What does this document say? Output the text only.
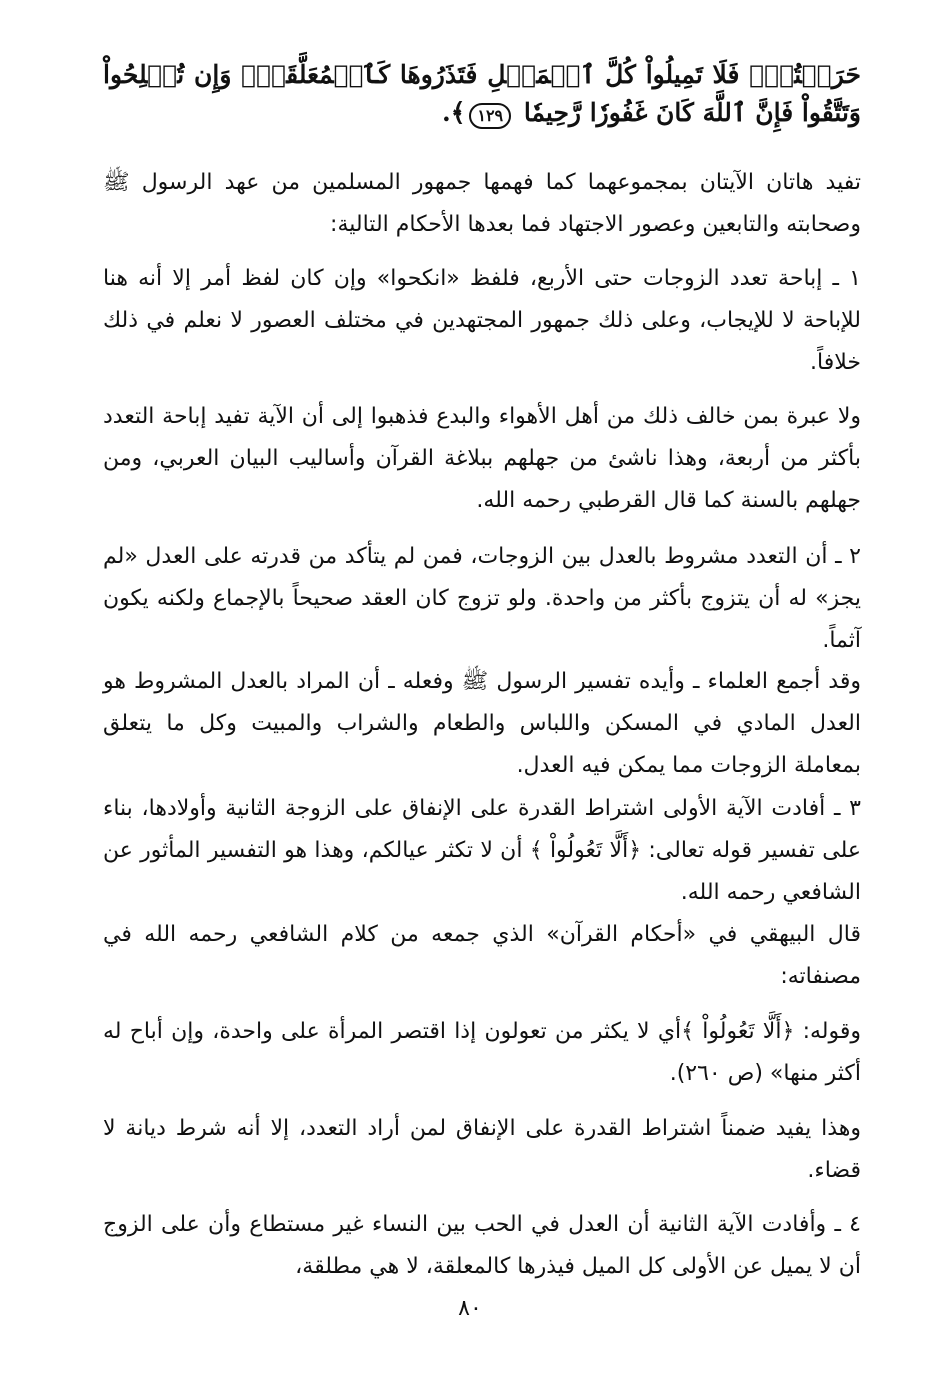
حَرَصۡتُمۡۖ فَلَا تَمِيلُواْ كُلَّ ٱلۡمَيۡلِ فَتَذَرُوهَا كَٱلۡمُعَلَّقَةِۚ وَإِن تُصۡلِحُواْ وَتَتَّقُواْ فَإِنَّ ٱللَّهَ كَانَ غَفُورٗا رَّحِيمٗا ١٢٩﴾.

تفيد هاتان الآيتان بمجموعهما كما فهمها جمهور المسلمين من عهد الرسول ﷺ وصحابته والتابعين وعصور الاجتهاد فما بعدها الأحكام التالية:

١ ـ إباحة تعدد الزوجات حتى الأربع، فلفظ «انكحوا» وإن كان لفظ أمر إلا أنه هنا للإباحة لا للإيجاب، وعلى ذلك جمهور المجتهدين في مختلف العصور لا نعلم في ذلك خلافاً.

ولا عبرة بمن خالف ذلك من أهل الأهواء والبدع فذهبوا إلى أن الآية تفيد إباحة التعدد بأكثر من أربعة، وهذا ناشئ من جهلهم ببلاغة القرآن وأساليب البيان العربي، ومن جهلهم بالسنة كما قال القرطبي رحمه الله.

٢ ـ أن التعدد مشروط بالعدل بين الزوجات، فمن لم يتأكد من قدرته على العدل «لم يجز» له أن يتزوج بأكثر من واحدة. ولو تزوج كان العقد صحيحاً بالإجماع ولكنه يكون آثماً.

وقد أجمع العلماء ـ وأيده تفسير الرسول ﷺ وفعله ـ أن المراد بالعدل المشروط هو العدل المادي في المسكن واللباس والطعام والشراب والمبيت وكل ما يتعلق بمعاملة الزوجات مما يمكن فيه العدل.

٣ ـ أفادت الآية الأولى اشتراط القدرة على الإنفاق على الزوجة الثانية وأولادها، بناء على تفسير قوله تعالى: ﴿أَلَّا تَعُولُواْ ﴾ أن لا تكثر عيالكم، وهذا هو التفسير المأثور عن الشافعي رحمه الله.

قال البيهقي في «أحكام القرآن» الذي جمعه من كلام الشافعي رحمه الله في مصنفاته:

وقوله: ﴿أَلَّا تَعُولُواْ ﴾أي لا يكثر من تعولون إذا اقتصر المرأة على واحدة، وإن أباح له أكثر منها» (ص ٢٦٠).

وهذا يفيد ضمناً اشتراط القدرة على الإنفاق لمن أراد التعدد، إلا أنه شرط ديانة لا قضاء.

٤ ـ وأفادت الآية الثانية أن العدل في الحب بين النساء غير مستطاع وأن على الزوج أن لا يميل عن الأولى كل الميل فيذرها كالمعلقة، لا هي مطلقة،

٨٠
